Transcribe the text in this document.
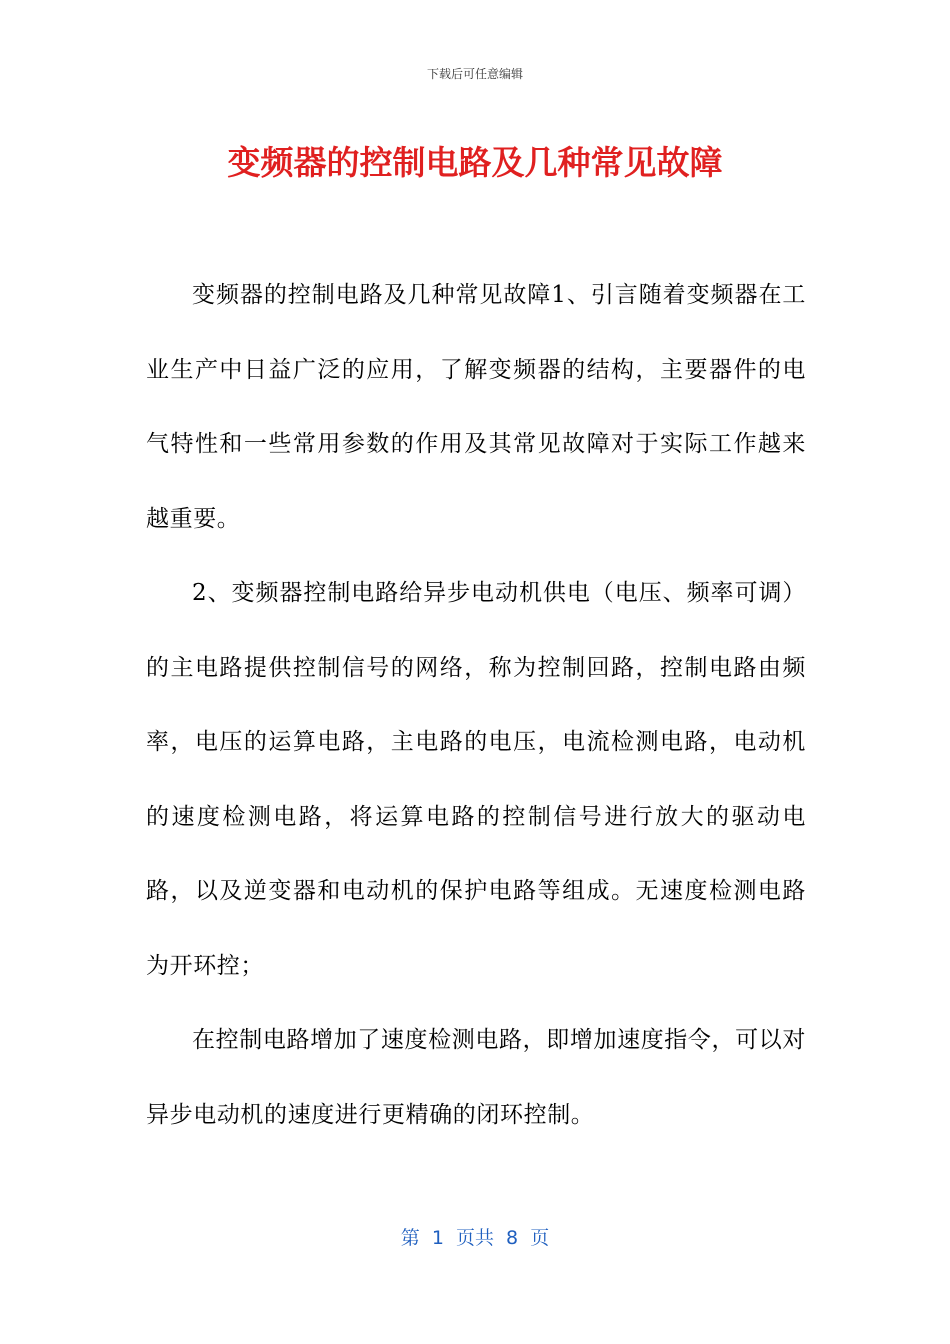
下载后可任意编辑
变频器的控制电路及几种常见故障

变频器的控制电路及几种常见故障1、引言随着变频器在工业生产中日益广泛的应用，了解变频器的结构，主要器件的电气特性和一些常用参数的作用及其常见故障对于实际工作越来越重要。

2、变频器控制电路给异步电动机供电（电压、频率可调）的主电路提供控制信号的网络，称为控制回路，控制电路由频率，电压的运算电路，主电路的电压，电流检测电路，电动机的速度检测电路，将运算电路的控制信号进行放大的驱动电路，以及逆变器和电动机的保护电路等组成。无速度检测电路为开环控；

在控制电路增加了速度检测电路，即增加速度指令，可以对异步电动机的速度进行更精确的闭环控制。

第 1 页共 8 页
